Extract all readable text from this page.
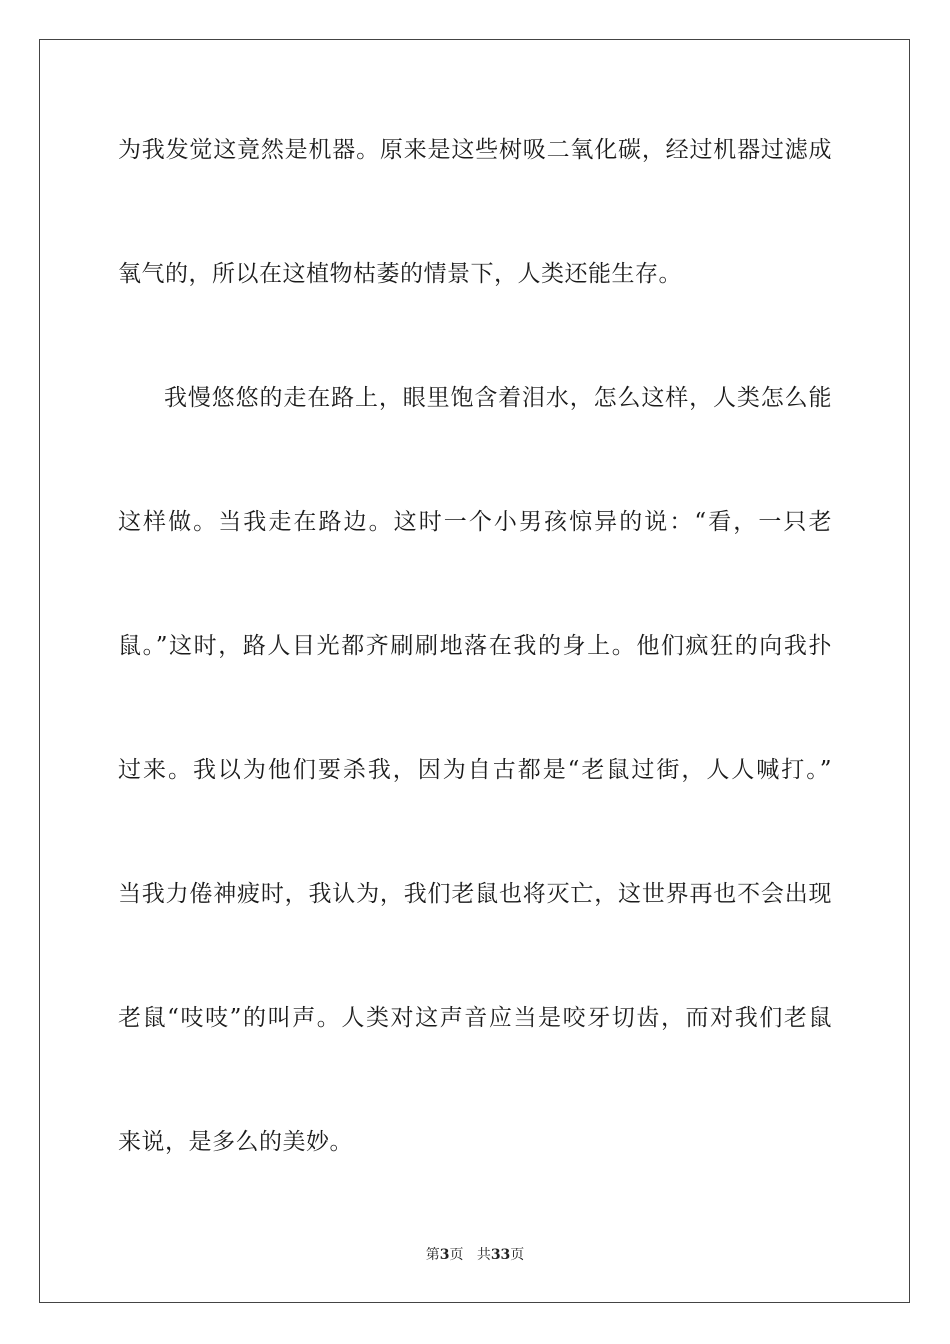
为我发觉这竟然是机器。原来是这些树吸二氧化碳，经过机器过滤成
氧气的，所以在这植物枯萎的情景下，人类还能生存。
我慢悠悠的走在路上，眼里饱含着泪水，怎么这样，人类怎么能
这样做。当我走在路边。这时一个小男孩惊异的说：“看，一只老
鼠。”这时，路人目光都齐刷刷地落在我的身上。他们疯狂的向我扑
过来。我以为他们要杀我，因为自古都是“老鼠过街，人人喊打。”
当我力倦神疲时，我认为，我们老鼠也将灭亡，这世界再也不会出现
老鼠“吱吱”的叫声。人类对这声音应当是咬牙切齿，而对我们老鼠
来说，是多么的美妙。
第3页 共33页
